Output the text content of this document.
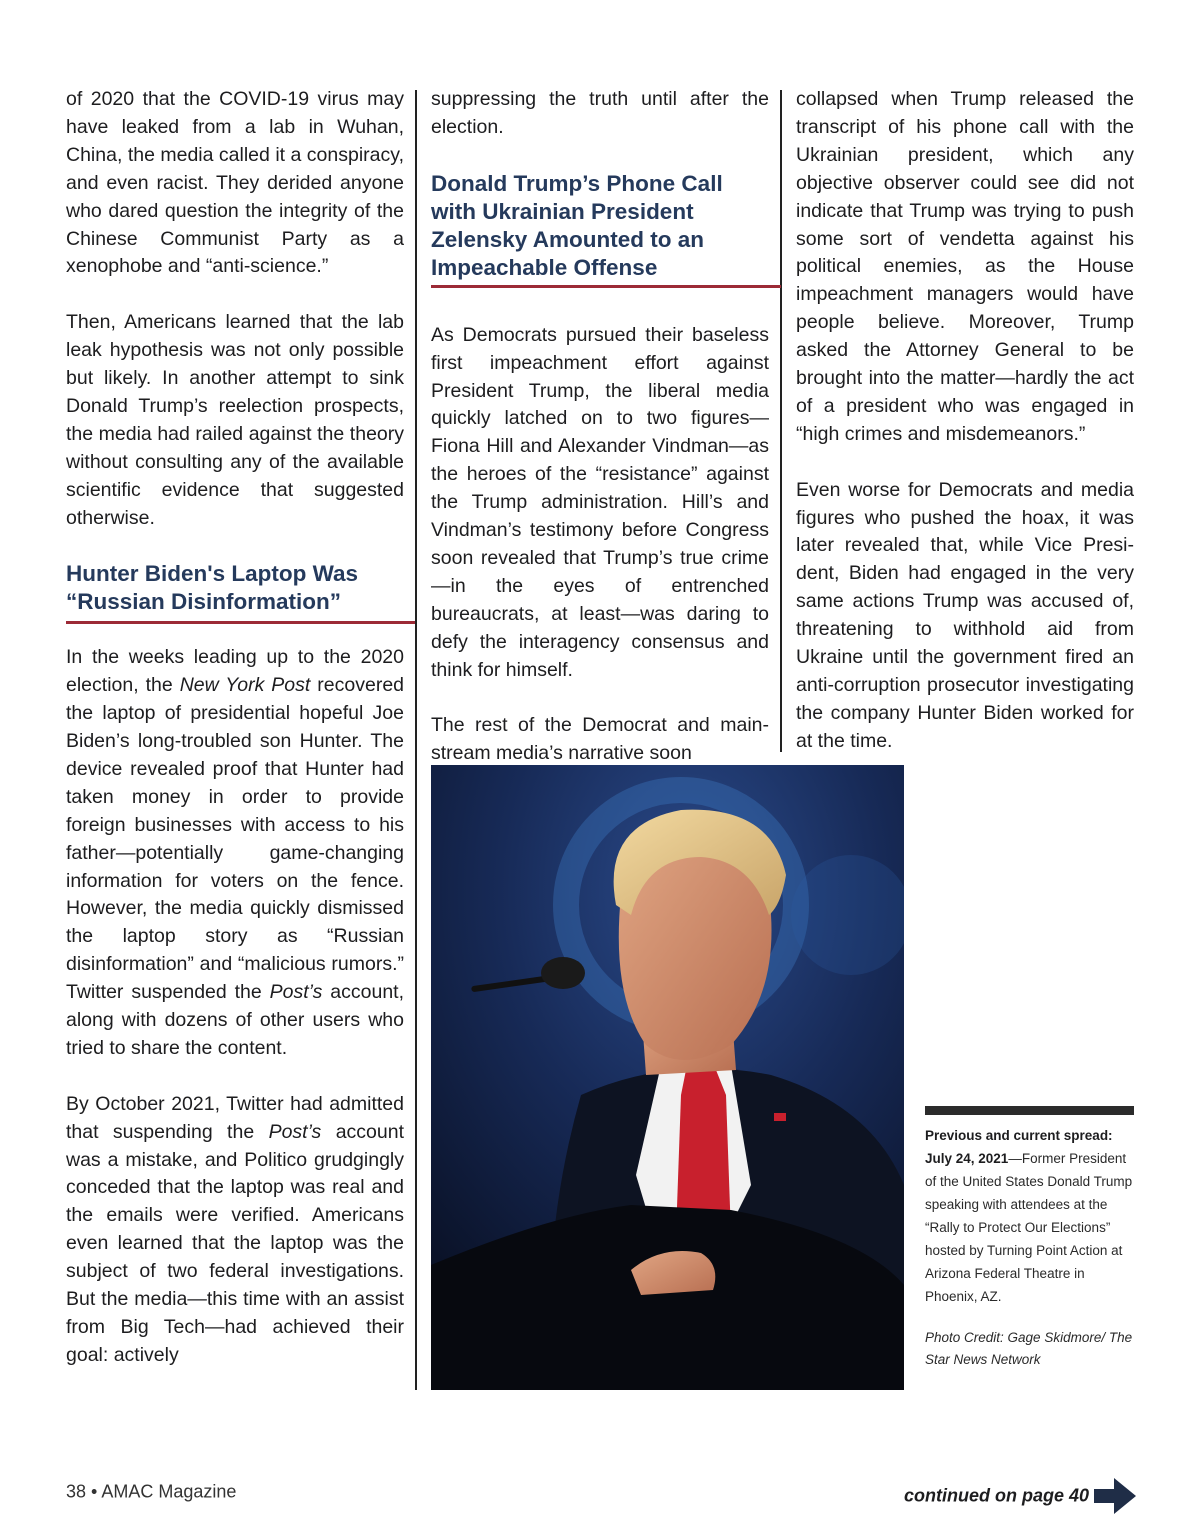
of 2020 that the COVID-19 virus may have leaked from a lab in Wuhan, China, the media called it a conspiracy, and even racist. They derided anyone who dared question the integrity of the Chinese Communist Party as a xenophobe and “anti-science.”

Then, Americans learned that the lab leak hypothesis was not only possible but likely. In another attempt to sink Donald Trump’s reelection prospects, the media had railed against the theory without consulting any of the available scientific evidence that suggested otherwise.

Hunter Biden's Laptop Was “Russian Disinformation”

In the weeks leading up to the 2020 election, the New York Post recovered the laptop of presidential hopeful Joe Biden’s long-troubled son Hunter. The device revealed proof that Hunter had taken money in order to provide foreign businesses with access to his father—potentially game-changing information for voters on the fence. However, the media quickly dismissed the laptop story as “Russian disinformation” and “malicious rumors.” Twitter suspended the Post’s account, along with dozens of other users who tried to share the content.

By October 2021, Twitter had admitted that suspending the Post’s account was a mistake, and Politico grudgingly conceded that the laptop was real and the emails were verified. Americans even learned that the laptop was the subject of two federal investigations. But the media—this time with an assist from Big Tech—had achieved their goal: actively

suppressing the truth until after the election.

Donald Trump’s Phone Call with Ukrainian President Zelensky Amounted to an Impeachable Offense

As Democrats pursued their baseless first impeachment effort against President Trump, the liberal media quickly latched on to two figures—Fiona Hill and Alexander Vindman—as the heroes of the “resistance” against the Trump administration. Hill’s and Vindman’s testimony before Congress soon revealed that Trump’s true crime—in the eyes of entrenched bureaucrats, at least—was daring to defy the interagency consensus and think for himself.

The rest of the Democrat and mainstream media’s narrative soon

collapsed when Trump released the transcript of his phone call with the Ukrainian president, which any objective observer could see did not indicate that Trump was trying to push some sort of vendetta against his political enemies, as the House impeachment managers would have people believe. Moreover, Trump asked the Attorney General to be brought into the matter—hardly the act of a president who was engaged in “high crimes and misdemeanors.”

Even worse for Democrats and media figures who pushed the hoax, it was later revealed that, while Vice President, Biden had engaged in the very same actions Trump was accused of, threatening to withhold aid from Ukraine until the government fired an anti-corruption prosecutor investigating the company Hunter Biden worked for at the time.

Previous and current spread:
July 24, 2021—Former President of the United States Donald Trump speaking with attendees at the “Rally to Protect Our Elections” hosted by Turning Point Action at Arizona Federal Theatre in Phoenix, AZ.
Photo Credit: Gage Skidmore/ The Star News Network
38 • AMAC Magazine	continued on page 40
